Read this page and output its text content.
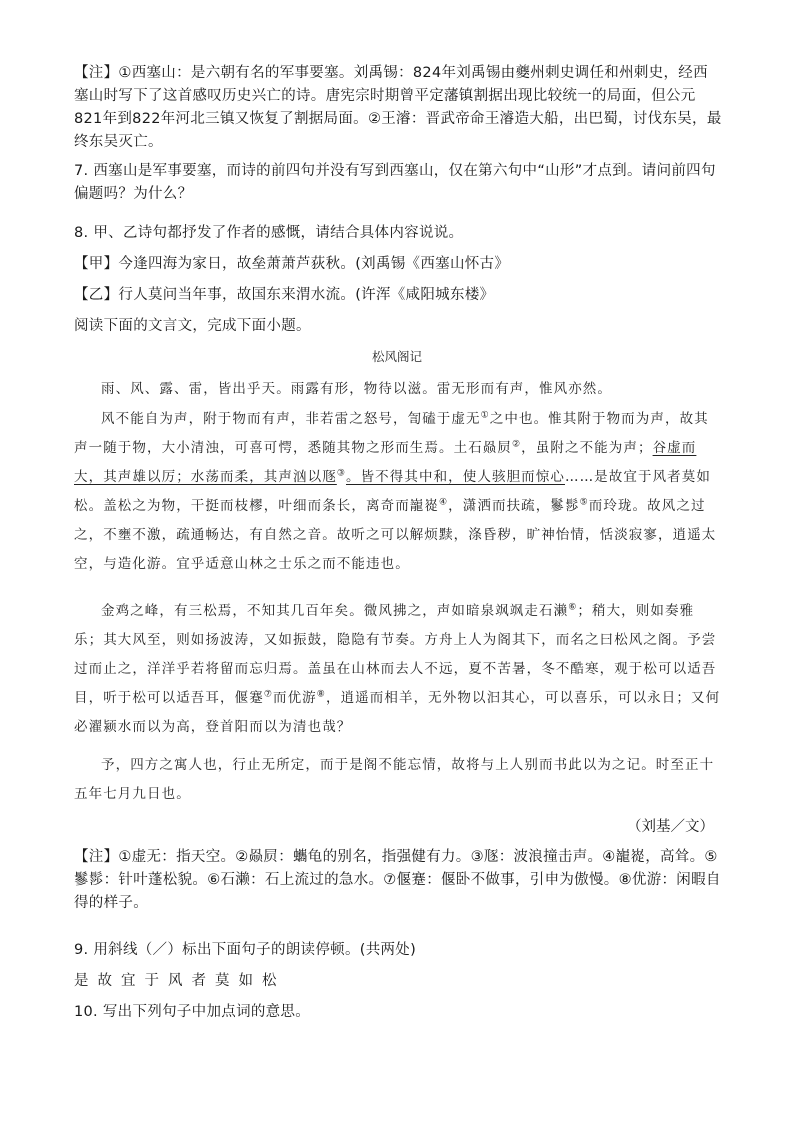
【注】①西塞山：是六朝有名的军事要塞。刘禹锡：824年刘禹锡由夔州刺史调任和州刺史，经西塞山时写下了这首感叹历史兴亡的诗。唐宪宗时期曾平定藩镇割据出现比较统一的局面，但公元821年到822年河北三镇又恢复了割据局面。②王濬：晋武帝命王濬造大船，出巴蜀，讨伐东吴，最终东吴灭亡。

7. 西塞山是军事要塞，而诗的前四句并没有写到西塞山，仅在第六句中“山形”才点到。请问前四句偏题吗？为什么？

8. 甲、乙诗句都抒发了作者的感慨，请结合具体内容说说。

【甲】今逢四海为家日，故垒萧萧芦荻秋。(刘禹锡《西塞山怀古》

【乙】行人莫问当年事，故国东来渭水流。(许浑《咸阳城东楼》

阅读下面的文言文，完成下面小题。

松风阁记

雨、风、露、雷，皆出乎天。雨露有形，物待以滋。雷无形而有声，惟风亦然。

风不能自为声，附于物而有声，非若雷之怒号，訇磕于虚无①之中也。惟其附于物而为声，故其声一随于物，大小清浊，可喜可愕，悉随其物之形而生焉。土石赑屃②，虽附之不能为声；谷虚而大，其声雄以厉；水荡而柔，其声汹以豗③。皆不得其中和，使人骇胆而惊心……是故宜于风者莫如松。盖松之为物，干挺而枝樛，叶细而条长，离奇而巃嵸④，潇洒而扶疏，鬖髿⑤而玲珑。故风之过之，不壅不激，疏通畅达，有自然之音。故听之可以解烦黩，涤昏秽，旷神怡情，恬淡寂寥，逍遥太空，与造化游。宜乎适意山林之士乐之而不能违也。

金鸡之峰，有三松焉，不知其几百年矣。微风拂之，声如暗泉飒飒走石濑⑥；稍大，则如奏雅乐；其大风至，则如扬波涛，又如振鼓，隐隐有节奏。方舟上人为阁其下，而名之曰松风之阁。予尝过而止之，洋洋乎若将留而忘归焉。盖虽在山林而去人不远，夏不苦暑，冬不酷寒，观于松可以适吾目，听于松可以适吾耳，偃蹇⑦而优游⑧，逍遥而相羊，无外物以汩其心，可以喜乐，可以永日；又何必濯颍水而以为高，登首阳而以为清也哉？

予，四方之寓人也，行止无所定，而于是阁不能忘情，故将与上人别而书此以为之记。时至正十五年七月九日也。

（刘基／文）

【注】①虚无：指天空。②赑屃：蠵龟的别名，指强健有力。③豗：波浪撞击声。④巃嵸，高耸。⑤鬖髿：针叶蓬松貌。⑥石濑：石上流过的急水。⑦偃蹇：偃卧不做事，引申为傲慢。⑧优游：闲暇自得的样子。

9. 用斜线（／）标出下面句子的朗读停顿。(共两处)

是故宜于风者莫如松

10. 写出下列句子中加点词的意思。
